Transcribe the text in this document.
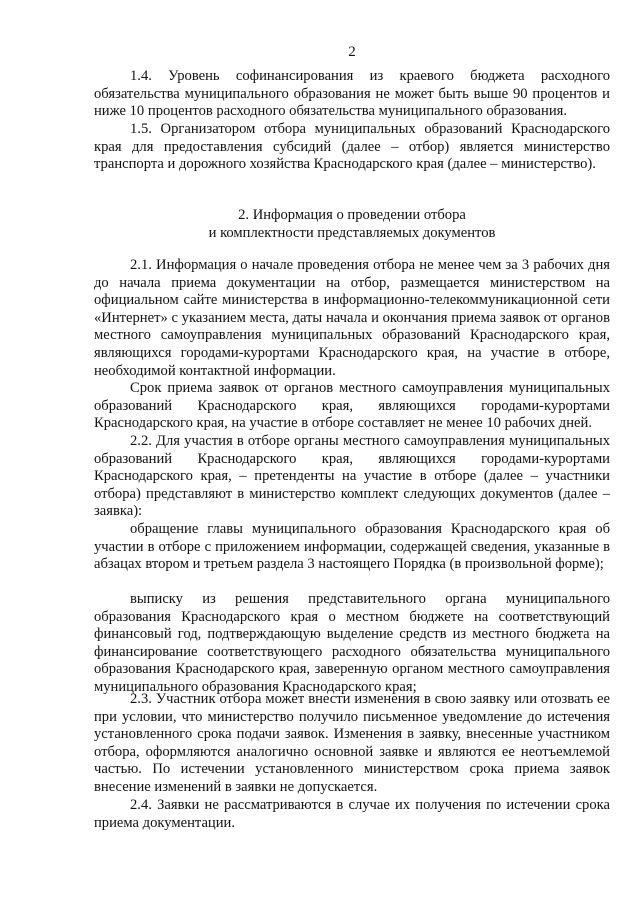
2

1.4. Уровень софинансирования из краевого бюджета расходного обязательства муниципального образования не может быть выше 90 процентов и ниже 10 процентов расходного обязательства муниципального образования.

1.5. Организатором отбора муниципальных образований Краснодарского края для предоставления субсидий (далее – отбор) является министерство транспорта и дорожного хозяйства Краснодарского края (далее – министерство).

2. Информация о проведении отбора
и комплектности представляемых документов

2.1. Информация о начале проведения отбора не менее чем за 3 рабочих дня до начала приема документации на отбор, размещается министерством на официальном сайте министерства в информационно-телекоммуникационной сети «Интернет» с указанием места, даты начала и окончания приема заявок от органов местного самоуправления муниципальных образований Краснодарского края, являющихся городами-курортами Краснодарского края, на участие в отборе, необходимой контактной информации.

Срок приема заявок от органов местного самоуправления муниципальных образований Краснодарского края, являющихся городами-курортами Краснодарского края, на участие в отборе составляет не менее 10 рабочих дней.

2.2. Для участия в отборе органы местного самоуправления муниципальных образований Краснодарского края, являющихся городами-курортами Краснодарского края, – претенденты на участие в отборе (далее – участники отбора) представляют в министерство комплект следующих документов (далее – заявка):

обращение главы муниципального образования Краснодарского края об участии в отборе с приложением информации, содержащей сведения, указанные в абзацах втором и третьем раздела 3 настоящего Порядка (в произвольной форме);

выписку из решения представительного органа муниципального образования Краснодарского края о местном бюджете на соответствующий финансовый год, подтверждающую выделение средств из местного бюджета на финансирование соответствующего расходного обязательства муниципального образования Краснодарского края, заверенную органом местного самоуправления муниципального образования Краснодарского края;

2.3. Участник отбора может внести изменения в свою заявку или отозвать ее при условии, что министерство получило письменное уведомление до истечения установленного срока подачи заявок. Изменения в заявку, внесенные участником отбора, оформляются аналогично основной заявке и являются ее неотъемлемой частью. По истечении установленного министерством срока приема заявок внесение изменений в заявки не допускается.

2.4. Заявки не рассматриваются в случае их получения по истечении срока приема документации.
